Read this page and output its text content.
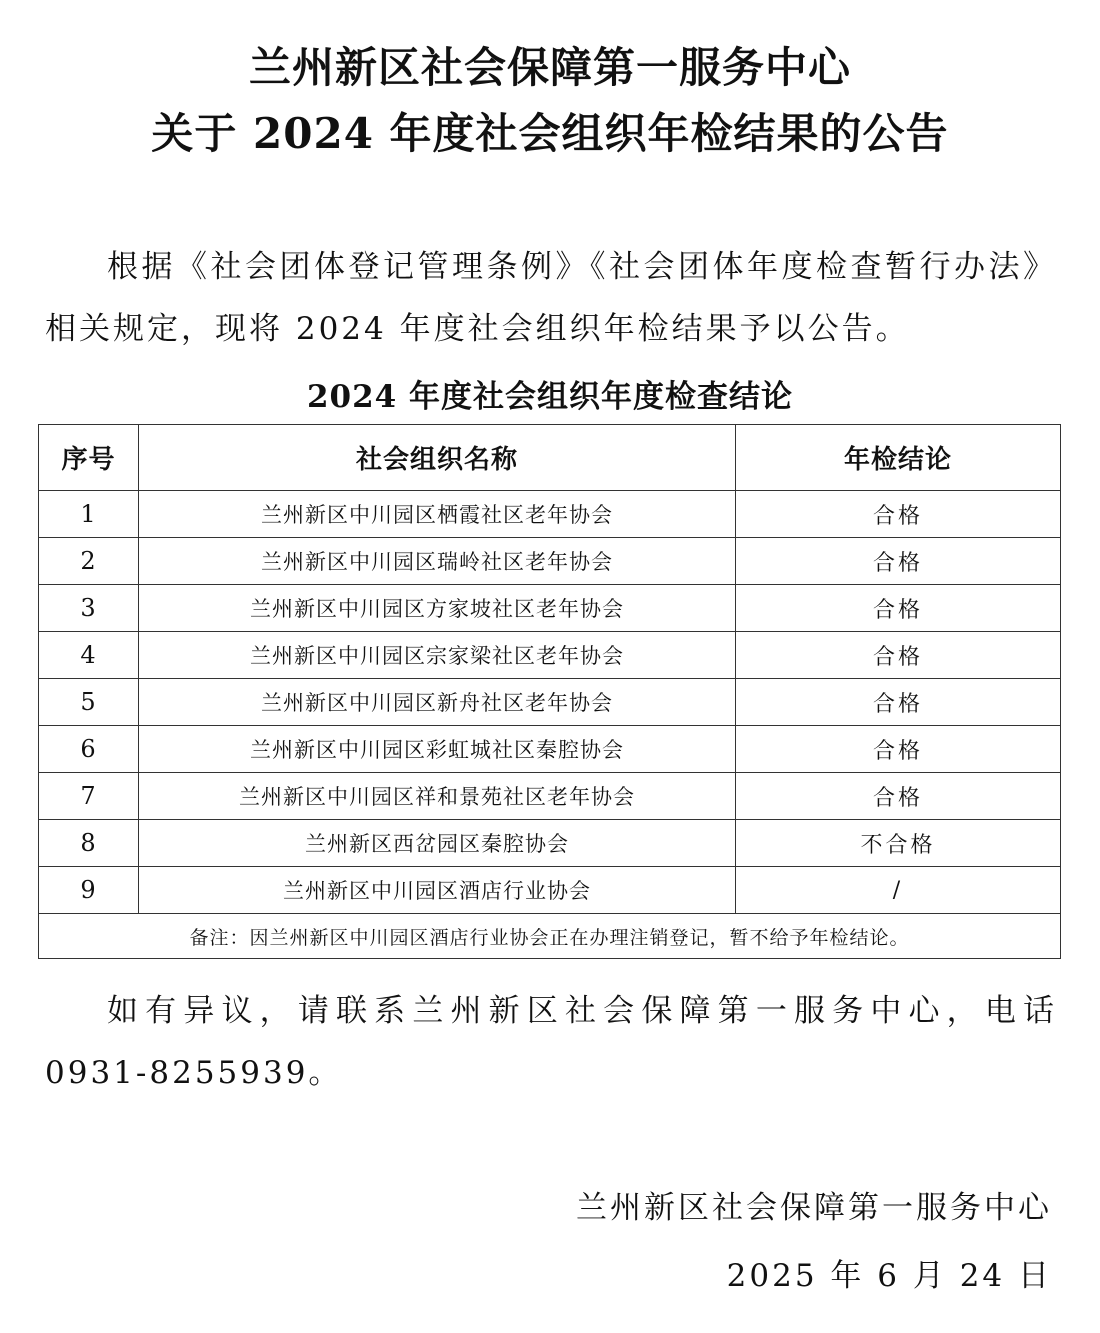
兰州新区社会保障第一服务中心
关于 2024 年度社会组织年检结果的公告
根据《社会团体登记管理条例》《社会团体年度检查暂行办法》相关规定，现将 2024 年度社会组织年检结果予以公告。
2024 年度社会组织年度检查结论
序号	社会组织名称	年检结论
1	兰州新区中川园区栖霞社区老年协会	合格
2	兰州新区中川园区瑞岭社区老年协会	合格
3	兰州新区中川园区方家坡社区老年协会	合格
4	兰州新区中川园区宗家梁社区老年协会	合格
5	兰州新区中川园区新舟社区老年协会	合格
6	兰州新区中川园区彩虹城社区秦腔协会	合格
7	兰州新区中川园区祥和景苑社区老年协会	合格
8	兰州新区西岔园区秦腔协会	不合格
9	兰州新区中川园区酒店行业协会	/
备注：因兰州新区中川园区酒店行业协会正在办理注销登记，暂不给予年检结论。		
如有异议，请联系兰州新区社会保障第一服务中心，电话0931-8255939。
兰州新区社会保障第一服务中心
2025 年 6 月 24 日
